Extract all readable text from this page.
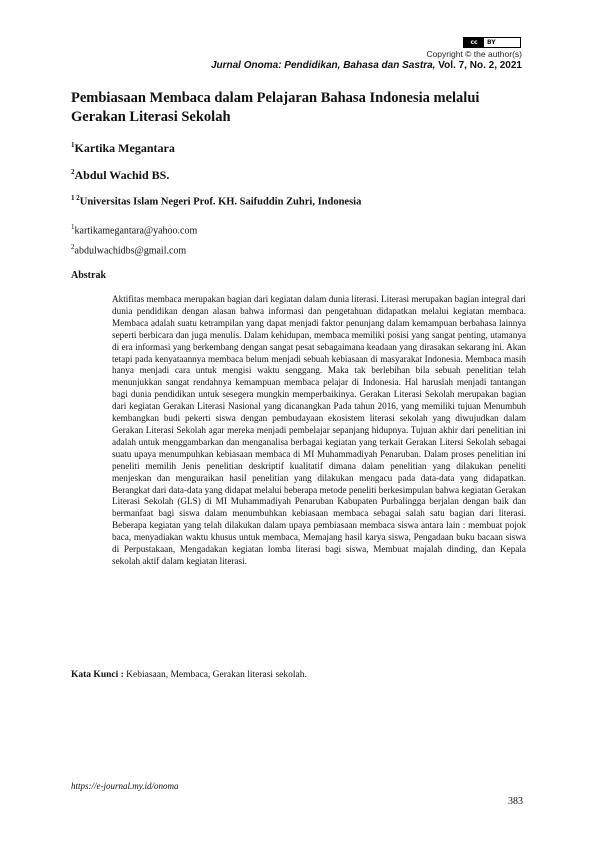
cc	BY
Copyright © the author(s)
Jurnal Onoma: Pendidikan, Bahasa dan Sastra, Vol. 7, No. 2, 2021
Pembiasaan Membaca dalam Pelajaran Bahasa Indonesia melalui Gerakan Literasi Sekolah
$^1$Kartika Megantara
$^2$Abdul Wachid BS.
$^{1 2}$Universitas Islam Negeri Prof. KH. Saifuddin Zuhri, Indonesia
$^1$kartikamegantara@yahoo.com
$^2$abdulwachidbs@gmail.com
Abstrak
Aktifitas membaca merupakan bagian dari kegiatan dalam dunia literasi. Literasi merupakan bagian integral dari dunia pendidikan dengan alasan bahwa informasi dan pengetahuan didapatkan melalui kegiatan membaca. Membaca adalah suatu ketrampilan yang dapat menjadi faktor penunjang dalam kemampuan berbahasa lainnya seperti berbicara dan juga menulis. Dalam kehidupan, membaca memiliki posisi yang sangat penting, utamanya di era informasi yang berkembang dengan sangat pesat sebagaimana keadaan yang dirasakan sekarang ini. Akan tetapi pada kenyataannya membaca belum menjadi sebuah kebiasaan di masyarakat Indonesia. Membaca masih hanya menjadi cara untuk mengisi waktu senggang. Maka tak berlebihan bila sebuah penelitian telah menunjukkan sangat rendahnya kemampuan membaca pelajar di Indonesia. Hal haruslah menjadi tantangan bagi dunia pendidikan untuk sesegera mungkin memperbaikinya. Gerakan Literasi Sekolah merupakan bagian dari kegiatan Gerakan Literasi Nasional yang dicanangkan Pada tahun 2016, yang memiliki tujuan Menumbuh kembangkan budi pekerti siswa dengan pembudayaan ekosistem literasi sekolah yang diwujudkan dalam Gerakan Literasi Sekolah agar mereka menjadi pembelajar sepanjang hidupnya. Tujuan akhir dari penelitian ini adalah untuk menggambarkan dan menganalisa berbagai kegiatan yang terkait Gerakan Litersi Sekolah sebagai suatu upaya menumpuhkan kebiasaan membaca di MI Muhammadiyah Penaruban. Dalam proses penelitian ini peneliti memilih Jenis penelitian deskriptif kualitatif dimana dalam penelitian yang dilakukan peneliti menjeskan dan menguraikan hasil penelitian yang dilakukan mengacu pada data-data yang didapatkan. Berangkat dari data-data yang didapat melalui beberapa metode peneliti berkesimpulan bahwa kegiatan Gerakan Literasi Sekolah (GLS) di MI Muhammadiyah Penaruban Kabupaten Purbalingga berjalan dengan baik dan bermanfaat bagi siswa dalam menumbuhkan kebiasaan membaca sebagai salah satu bagian dari literasi. Beberapa kegiatan yang telah dilakukan dalam upaya pembiasaan membaca siswa antara lain : membuat pojok baca, menyadiakan waktu khusus untuk membaca, Memajang hasil karya siswa, Pengadaan buku bacaan siswa di Perpustakaan, Mengadakan kegiatan lomba literasi bagi siswa, Membuat majalah dinding, dan Kepala sekolah aktif dalam kegiatan literasi.
Kata Kunci : Kebiasaan, Membaca, Gerakan literasi sekolah.
https://e-journal.my.id/onoma
383
